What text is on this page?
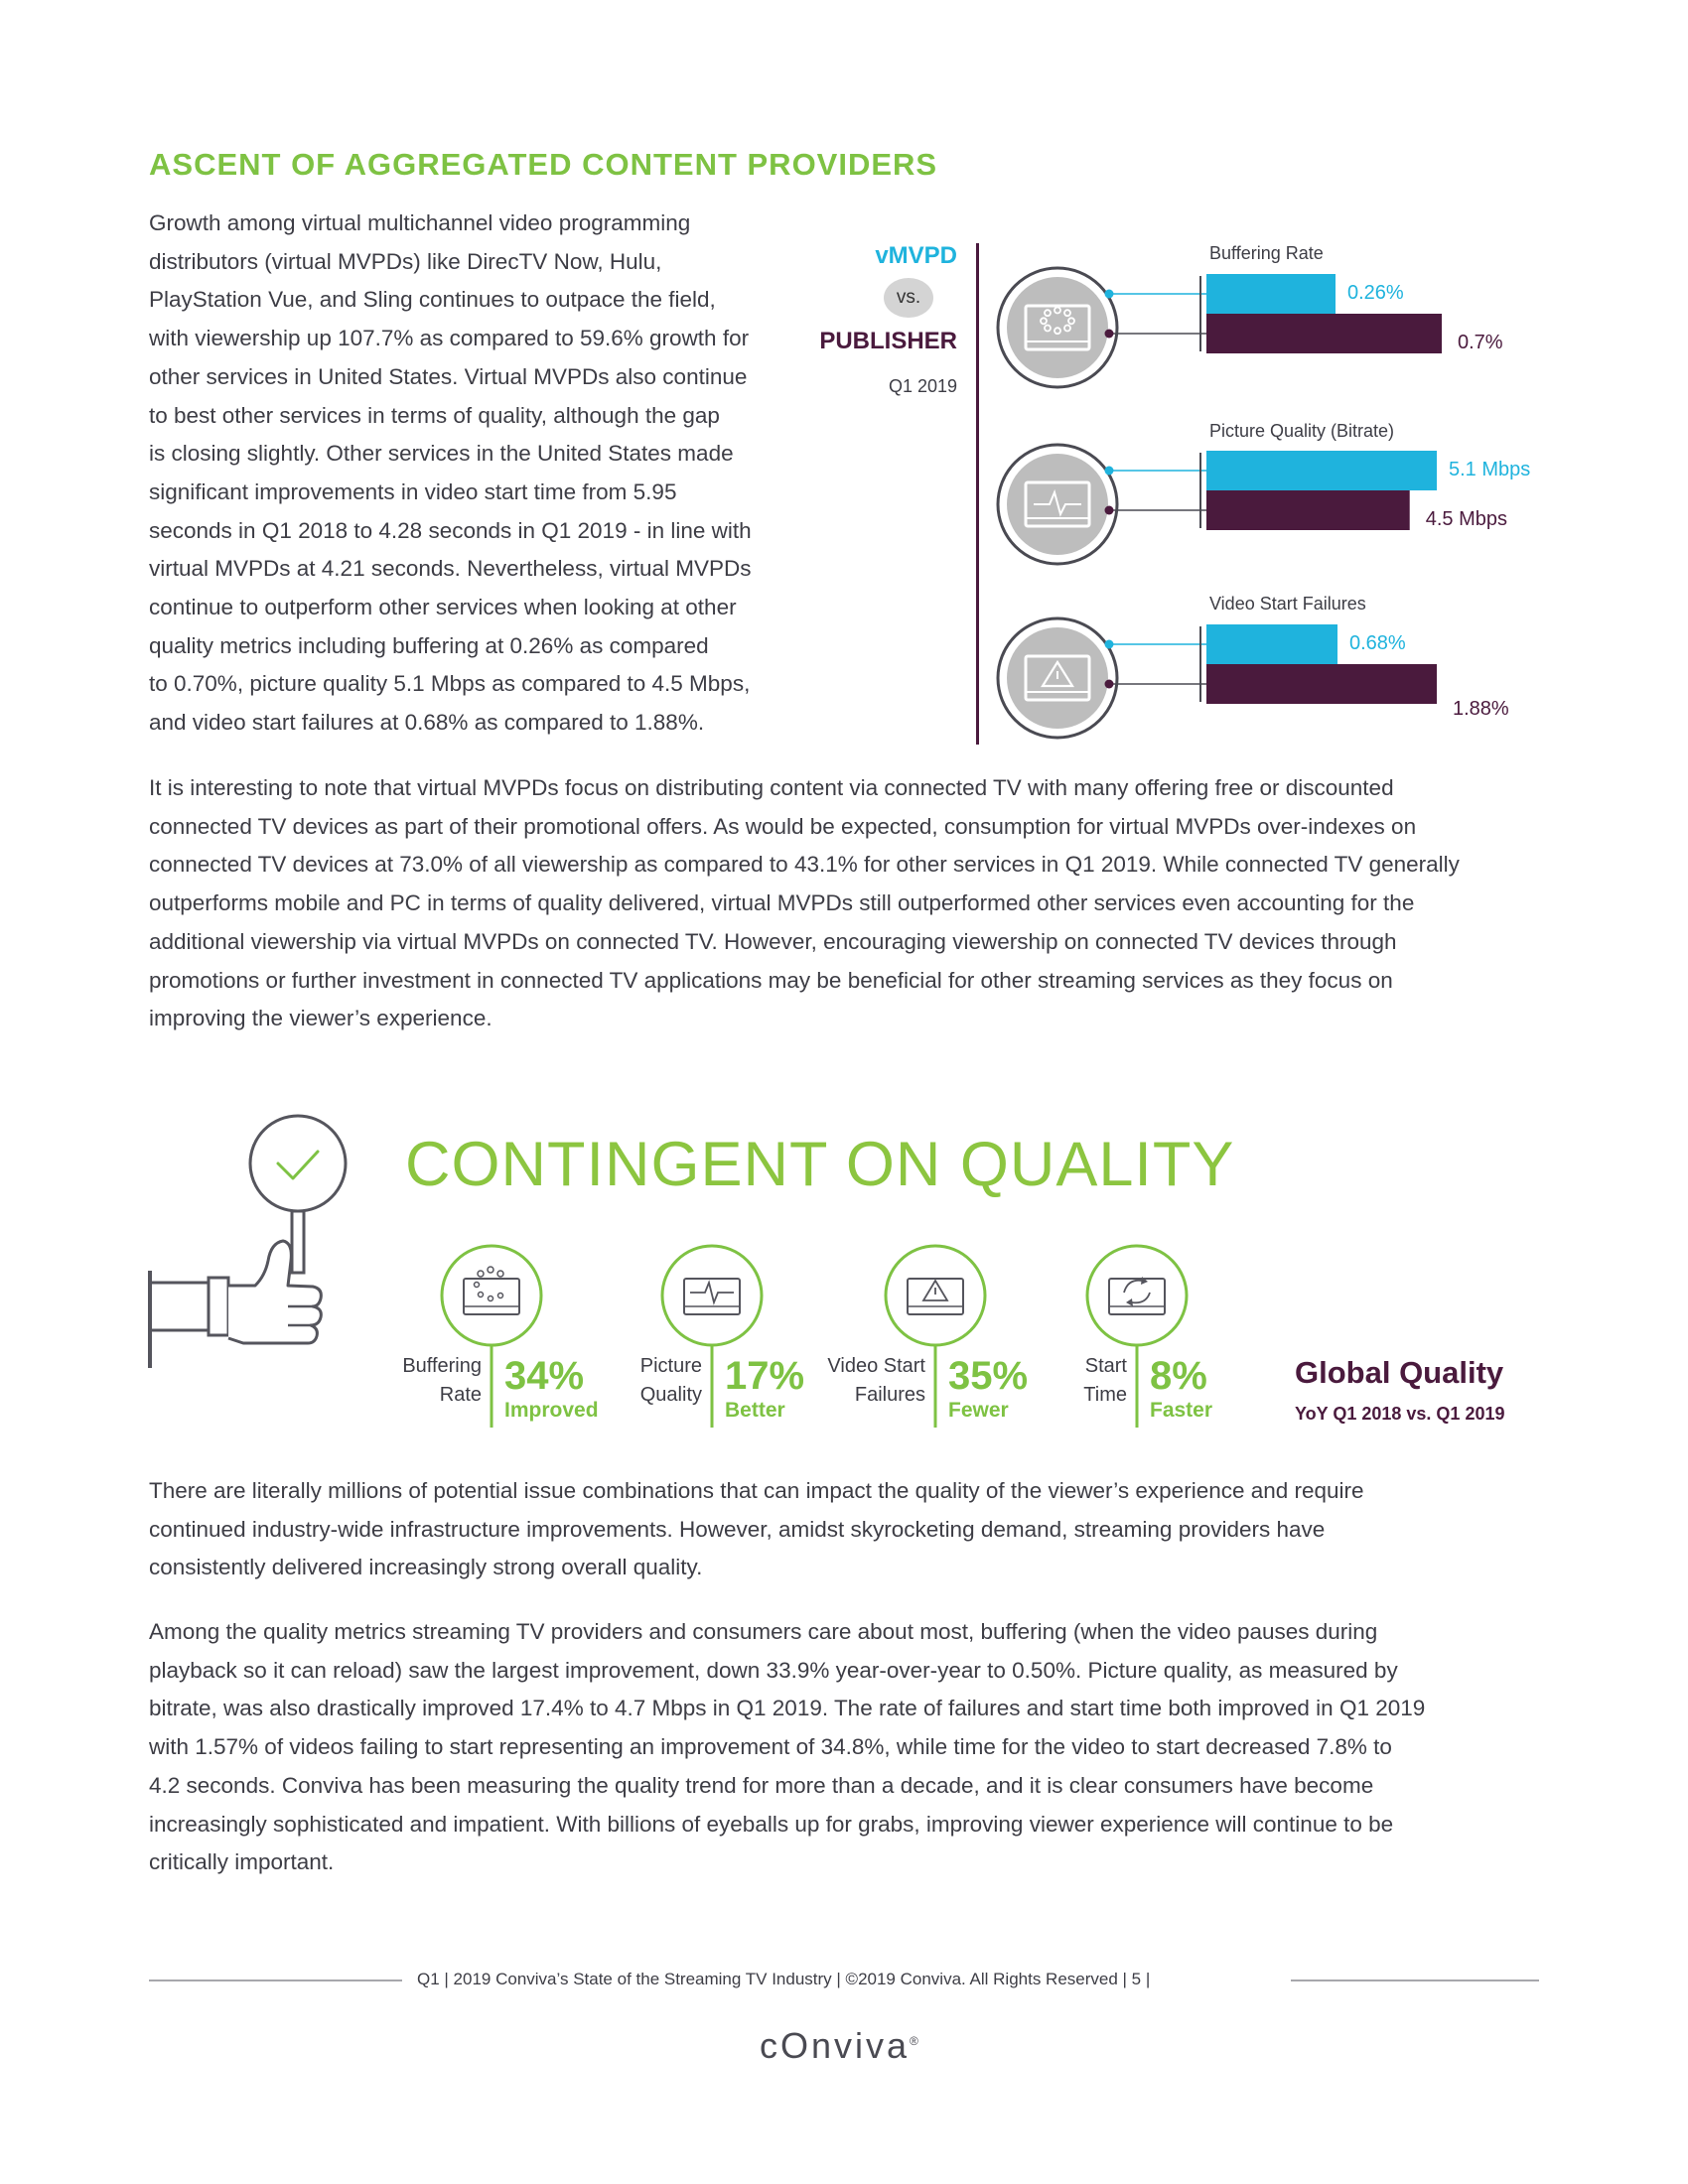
ASCENT OF AGGREGATED CONTENT PROVIDERS
Growth among virtual multichannel video programming
distributors (virtual MVPDs) like DirecTV Now, Hulu,
PlayStation Vue, and Sling continues to outpace the field,
with viewership up 107.7% as compared to 59.6% growth for
other services in United States. Virtual MVPDs also continue
to best other services in terms of quality, although the gap
is closing slightly. Other services in the United States made
significant improvements in video start time from 5.95
seconds in Q1 2018 to 4.28 seconds in Q1 2019 - in line with
virtual MVPDs at 4.21 seconds. Nevertheless, virtual MVPDs
continue to outperform other services when looking at other
quality metrics including buffering at 0.26% as compared
to 0.70%, picture quality 5.1 Mbps as compared to 4.5 Mbps,
and video start failures at 0.68% as compared to 1.88%.
vMVPD
vs.
PUBLISHER
Q1 2019
Buffering Rate
Picture Quality (Bitrate)
Video Start Failures
0.26%
0.7%
5.1 Mbps
4.5 Mbps
0.68%
1.88%
It is interesting to note that virtual MVPDs focus on distributing content via connected TV with many offering free or discounted
connected TV devices as part of their promotional offers. As would be expected, consumption for virtual MVPDs over-indexes on
connected TV devices at 73.0% of all viewership as compared to 43.1% for other services in Q1 2019. While connected TV generally
outperforms mobile and PC in terms of quality delivered, virtual MVPDs still outperformed other services even accounting for the
additional viewership via virtual MVPDs on connected TV. However, encouraging viewership on connected TV devices through
promotions or further investment in connected TV applications may be beneficial for other streaming services as they focus on
improving the viewer’s experience.
CONTINGENT ON QUALITY
Buffering
Rate 34%
Improved
Picture
Quality 17%
Better
Video Start
Failures 35%
Fewer
Start
Time 8%
Faster
Global Quality
YoY Q1 2018 vs. Q1 2019
There are literally millions of potential issue combinations that can impact the quality of the viewer’s experience and require
continued industry-wide infrastructure improvements. However, amidst skyrocketing demand, streaming providers have
consistently delivered increasingly strong overall quality.
Among the quality metrics streaming TV providers and consumers care about most, buffering (when the video pauses during
playback so it can reload) saw the largest improvement, down 33.9% year-over-year to 0.50%. Picture quality, as measured by
bitrate, was also drastically improved 17.4% to 4.7 Mbps in Q1 2019. The rate of failures and start time both improved in Q1 2019
with 1.57% of videos failing to start representing an improvement of 34.8%, while time for the video to start decreased 7.8% to
4.2 seconds. Conviva has been measuring the quality trend for more than a decade, and it is clear consumers have become
increasingly sophisticated and impatient. With billions of eyeballs up for grabs, improving viewer experience will continue to be
critically important.
Q1 | 2019 Conviva’s State of the Streaming TV Industry | ©2019 Conviva. All Rights Reserved | 5 |
cOnviva®
